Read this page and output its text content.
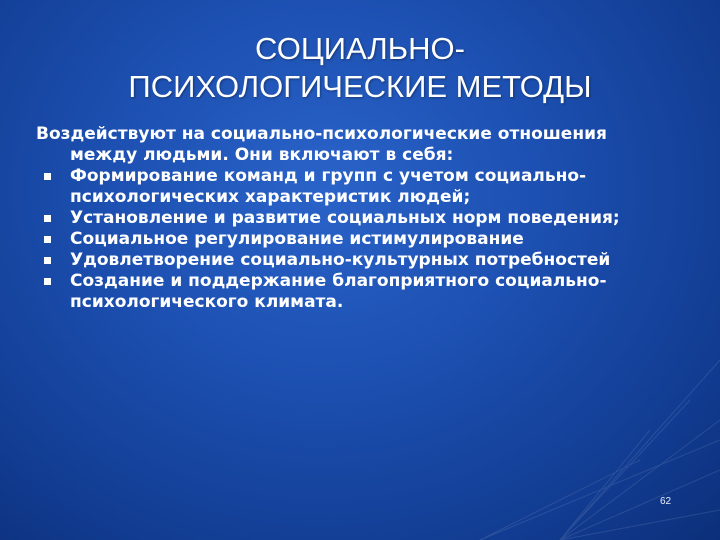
СОЦИАЛЬНО-
ПСИХОЛОГИЧЕСКИЕ МЕТОДЫ

Воздействуют на социально-психологические отношения между людьми. Они включают в себя:

Формирование команд и групп с учетом социально-психологических характеристик людей;
Установление и развитие социальных норм поведения;
Социальное регулирование истимулирование
Удовлетворение социально-культурных потребностей
Создание и поддержание благоприятного социально-психологического климата.
62
